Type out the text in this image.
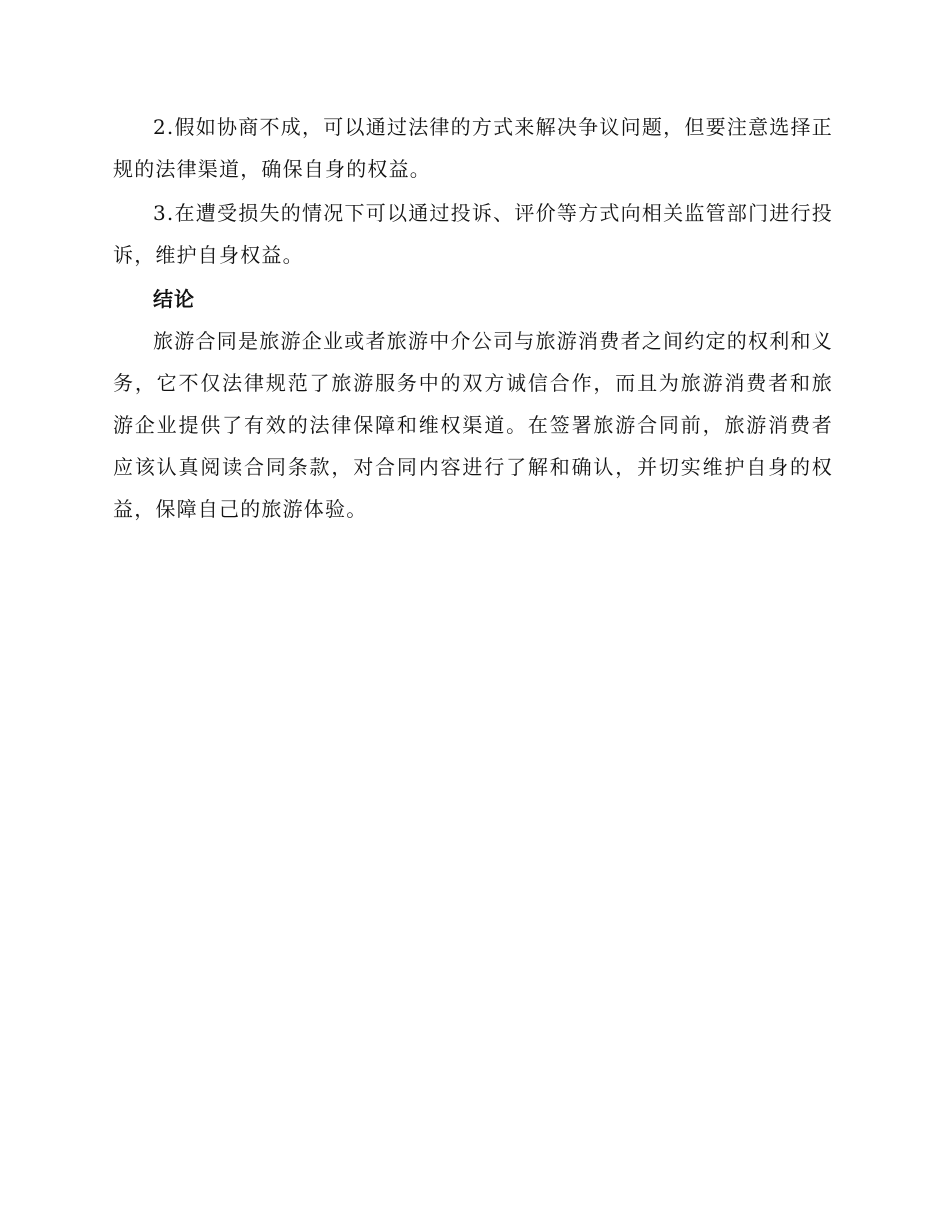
2.假如协商不成，可以通过法律的方式来解决争议问题，但要注意选择正规的法律渠道，确保自身的权益。

3.在遭受损失的情况下可以通过投诉、评价等方式向相关监管部门进行投诉，维护自身权益。

结论

旅游合同是旅游企业或者旅游中介公司与旅游消费者之间约定的权利和义务，它不仅法律规范了旅游服务中的双方诚信合作，而且为旅游消费者和旅游企业提供了有效的法律保障和维权渠道。在签署旅游合同前，旅游消费者应该认真阅读合同条款，对合同内容进行了解和确认，并切实维护自身的权益，保障自己的旅游体验。
